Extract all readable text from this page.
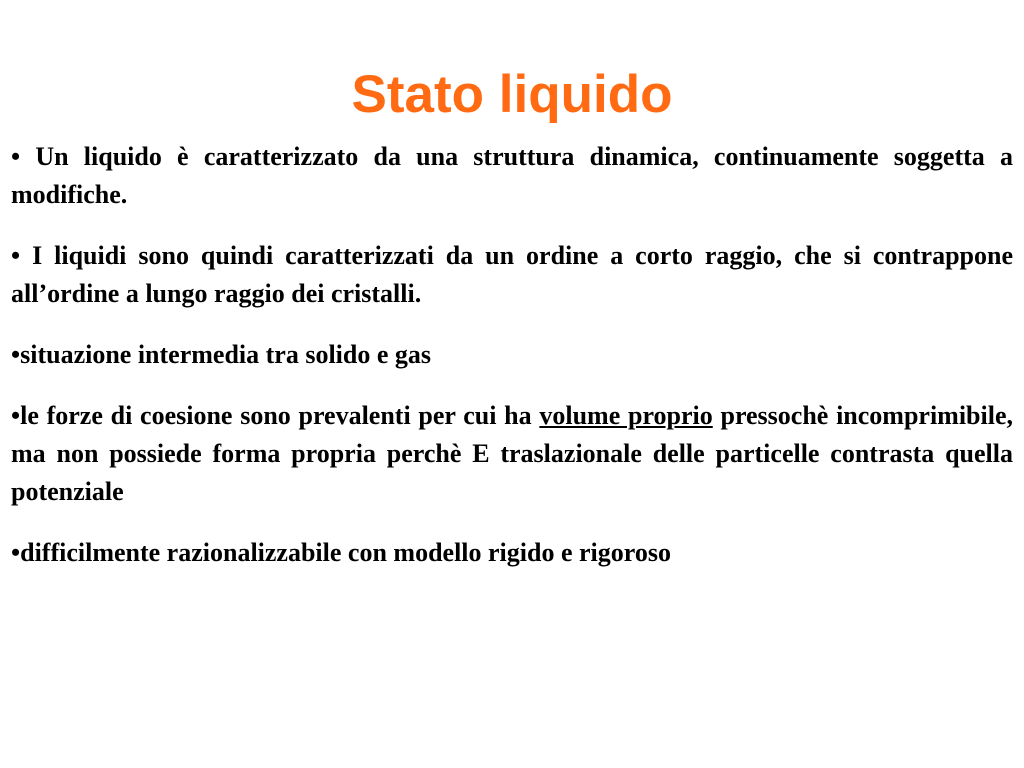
Stato liquido
• Un liquido è caratterizzato da una struttura dinamica, continuamente soggetta a modifiche.
• I liquidi sono quindi caratterizzati da un ordine a corto raggio, che si contrappone all’ordine a lungo raggio dei cristalli.
•situazione intermedia tra solido e gas
•le forze di coesione sono prevalenti per cui ha volume proprio pressochè incomprimibile, ma non possiede forma propria perchè E traslazionale delle particelle contrasta quella potenziale
•difficilmente razionalizzabile con modello rigido e rigoroso
